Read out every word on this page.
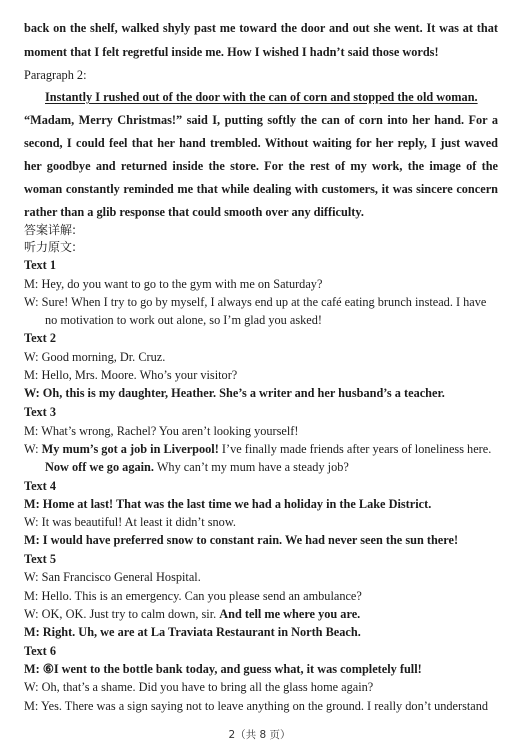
back on the shelf, walked shyly past me toward the door and out she went. It was at that
moment that I felt regretful inside me. How I wished I hadn’t said those words!
Paragraph 2:
Instantly I rushed out of the door with the can of corn and stopped the old woman.
“Madam, Merry Christmas!” said I, putting softly the can of corn into her hand. For a
second, I could feel that her hand trembled. Without waiting for her reply, I just waved
her goodbye and returned inside the store. For the rest of my work, the image of the
woman constantly reminded me that while dealing with customers, it was sincere concern
rather than a glib response that could smooth over any difficulty.
答案详解:
听力原文:
Text 1
M: Hey, do you want to go to the gym with me on Saturday?
W: Sure! When I try to go by myself, I always end up at the café eating brunch instead. I have
no motivation to work out alone, so I’m glad you asked!
Text 2
W: Good morning, Dr. Cruz.
M: Hello, Mrs. Moore. Who’s your visitor?
W: Oh, this is my daughter, Heather. She’s a writer and her husband’s a teacher.
Text 3
M: What’s wrong, Rachel? You aren’t looking yourself!
W: My mum’s got a job in Liverpool! I’ve finally made friends after years of loneliness here.
Now off we go again. Why can’t my mum have a steady job?
Text 4
M: Home at last! That was the last time we had a holiday in the Lake District.
W: It was beautiful! At least it didn’t snow.
M: I would have preferred snow to constant rain. We had never seen the sun there!
Text 5
W: San Francisco General Hospital.
M: Hello. This is an emergency. Can you please send an ambulance?
W: OK, OK. Just try to calm down, sir. And tell me where you are.
M: Right. Uh, we are at La Traviata Restaurant in North Beach.
Text 6
M: ⑥I went to the bottle bank today, and guess what, it was completely full!
W: Oh, that’s a shame. Did you have to bring all the glass home again?
M: Yes. There was a sign saying not to leave anything on the ground. I really don’t understand
2（共 8 页）
